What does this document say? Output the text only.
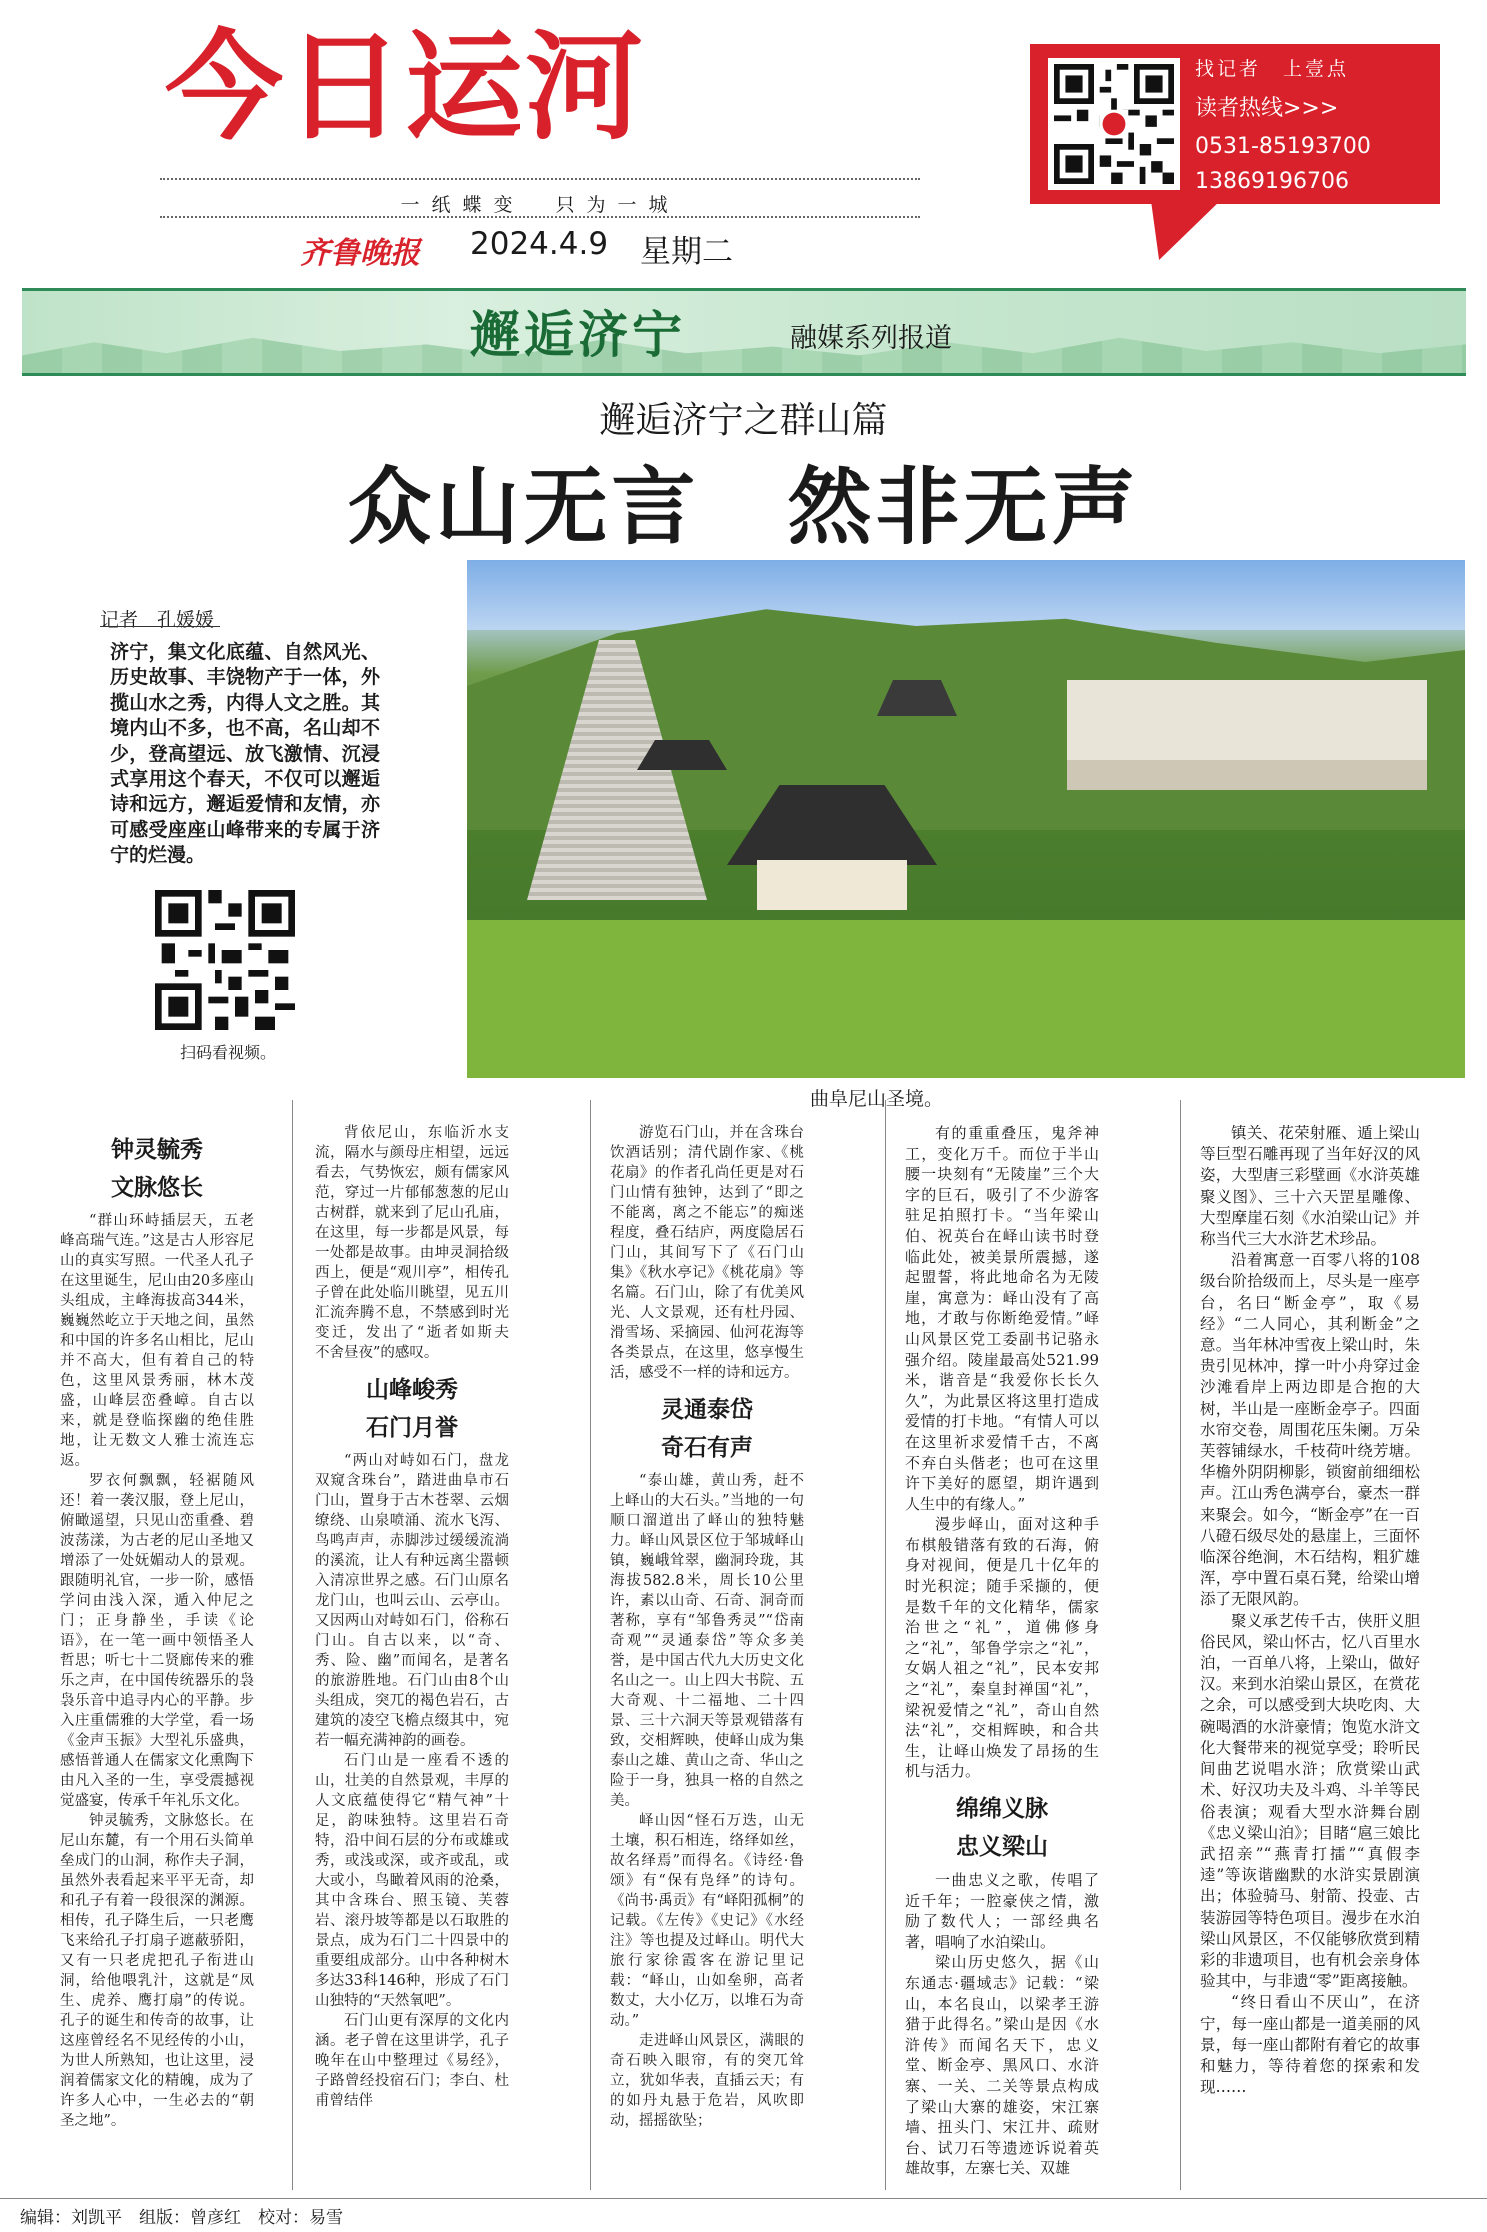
今日运河
一纸蝶变　只为一城
齐鲁晚报 2024.4.9 星期二
找记者　上壹点
读者热线>>>
0531-85193700
13869196706
邂逅济宁	融媒系列报道
邂逅济宁之群山篇
众山无言　然非无声
曲阜尼山圣境。
记者　孔媛媛
济宁，集文化底蕴、自然风光、历史故事、丰饶物产于一体，外揽山水之秀，内得人文之胜。其境内山不多，也不高，名山却不少，登高望远、放飞激情、沉浸式享用这个春天，不仅可以邂逅诗和远方，邂逅爱情和友情，亦可感受座座山峰带来的专属于济宁的烂漫。
扫码看视频。
钟灵毓秀
文脉悠长

“群山环峙插层天，五老峰高瑞气连。”这是古人形容尼山的真实写照。一代圣人孔子在这里诞生，尼山由20多座山头组成，主峰海拔高344米，巍巍然屹立于天地之间，虽然和中国的许多名山相比，尼山并不高大，但有着自己的特色，这里风景秀丽，林木茂盛，山峰层峦叠嶂。自古以来，就是登临探幽的绝佳胜地，让无数文人雅士流连忘返。

罗衣何飘飘，轻裾随风还！着一袭汉服，登上尼山，俯瞰遥望，只见山峦重叠、碧波荡漾，为古老的尼山圣地又增添了一处妩媚动人的景观。跟随明礼官，一步一阶，感悟学问由浅入深，遁入仲尼之门；正身静坐，手读《论语》，在一笔一画中领悟圣人哲思；听七十二贤廊传来的雅乐之声，在中国传统器乐的袅袅乐音中追寻内心的平静。步入庄重儒雅的大学堂，看一场《金声玉振》大型礼乐盛典，感悟普通人在儒家文化熏陶下由凡入圣的一生，享受震撼视觉盛宴，传承千年礼乐文化。

钟灵毓秀，文脉悠长。在尼山东麓，有一个用石头简单垒成门的山洞，称作夫子洞，虽然外表看起来平平无奇，却和孔子有着一段很深的渊源。相传，孔子降生后，一只老鹰飞来给孔子打扇子遮蔽骄阳，又有一只老虎把孔子衔进山洞，给他喂乳汁，这就是“凤生、虎养、鹰打扇”的传说。孔子的诞生和传奇的故事，让这座曾经名不见经传的小山，为世人所熟知，也让这里，浸润着儒家文化的精魄，成为了许多人心中，一生必去的“朝圣之地”。

背依尼山，东临沂水支流，隔水与颜母庄相望，远远看去，气势恢宏，颇有儒家风范，穿过一片郁郁葱葱的尼山古树群，就来到了尼山孔庙，在这里，每一步都是风景，每一处都是故事。由坤灵洞拾级西上，便是“观川亭”，相传孔子曾在此处临川眺望，见五川汇流奔腾不息，不禁感到时光变迁，发出了“逝者如斯夫　不舍昼夜”的感叹。

山峰峻秀
石门月誉

“两山对峙如石门，盘龙双窥含珠台”，踏进曲阜市石门山，置身于古木苍翠、云烟缭绕、山泉喷涌、流水飞泻、鸟鸣声声，赤脚涉过缓缓流淌的溪流，让人有种远离尘嚣顿入清凉世界之感。石门山原名龙门山，也叫云山、云亭山。又因两山对峙如石门，俗称石门山。自古以来，以“奇、秀、险、幽”而闻名，是著名的旅游胜地。石门山由8个山头组成，突兀的褐色岩石，古建筑的凌空飞檐点缀其中，宛若一幅充满神韵的画卷。

石门山是一座看不透的山，壮美的自然景观，丰厚的人文底蕴使得它“精气神”十足，韵味独特。这里岩石奇特，沿中间石层的分布或雄或秀，或浅或深，或齐或乱，或大或小，鸟瞰着风雨的沧桑，其中含珠台、照玉镜、芙蓉岩、滚丹坡等都是以石取胜的景点，成为石门二十四景中的重要组成部分。山中各种树木多达33科146种，形成了石门山独特的“天然氧吧”。

石门山更有深厚的文化内涵。老子曾在这里讲学，孔子晚年在山中整理过《易经》，子路曾经投宿石门；李白、杜甫曾结伴

游览石门山，并在含珠台饮酒话别；清代剧作家、《桃花扇》的作者孔尚任更是对石门山情有独钟，达到了“即之不能离，离之不能忘”的痴迷程度，叠石结庐，两度隐居石门山，其间写下了《石门山集》《秋水亭记》《桃花扇》等名篇。石门山，除了有优美风光、人文景观，还有杜丹园、滑雪场、采摘园、仙河花海等各类景点，在这里，悠享慢生活，感受不一样的诗和远方。

灵通泰岱
奇石有声

“泰山雄，黄山秀，赶不上峄山的大石头。”当地的一句顺口溜道出了峄山的独特魅力。峄山风景区位于邹城峄山镇，巍峨耸翠，幽洞玲珑，其海拔582.8米，周长10公里许，素以山奇、石奇、洞奇而著称，享有“邹鲁秀灵”“岱南奇观”“灵通泰岱”等众多美誉，是中国古代九大历史文化名山之一。山上四大书院、五大奇观、十二福地、二十四景、三十六洞天等景观错落有致，交相辉映，使峄山成为集泰山之雄、黄山之奇、华山之险于一身，独具一格的自然之美。

峄山因“怪石万迭，山无土壤，积石相连，络绎如丝，故名绎焉”而得名。《诗经·鲁颂》有“保有凫绎”的诗句。《尚书·禹贡》有“峄阳孤桐”的记载。《左传》《史记》《水经注》等也提及过峄山。明代大旅行家徐霞客在游记里记载：“峄山，山如垒卵，高者数丈，大小亿万，以堆石为奇动。”

走进峄山风景区，满眼的奇石映入眼帘，有的突兀耸立，犹如华表，直插云天；有的如丹丸悬于危岩，风吹即动，摇摇欲坠；

有的重重叠压，鬼斧神工，变化万千。而位于半山腰一块刻有“无陵崖”三个大字的巨石，吸引了不少游客驻足拍照打卡。“当年梁山伯、祝英台在峄山读书时登临此处，被美景所震撼，遂起盟誓，将此地命名为无陵崖，寓意为：峄山没有了高地，才敢与你断绝爱情。”峄山风景区党工委副书记骆永强介绍。陵崖最高处521.99米，谐音是“我爱你长长久久”，为此景区将这里打造成爱情的打卡地。“有情人可以在这里祈求爱情千古，不离不弃白头偕老；也可在这里许下美好的愿望，期许遇到人生中的有缘人。”

漫步峄山，面对这种手布棋般错落有致的石海，俯身对视间，便是几十亿年的时光积淀；随手采撷的，便是数千年的文化精华，儒家治世之“礼”，道佛修身之“礼”，邹鲁学宗之“礼”，女娲人祖之“礼”，民本安邦之“礼”，秦皇封禅国“礼”，梁祝爱情之“礼”，奇山自然法“礼”，交相辉映，和合共生，让峄山焕发了昂扬的生机与活力。

绵绵义脉
忠义梁山

一曲忠义之歌，传唱了近千年；一腔豪侠之情，激励了数代人；一部经典名著，唱响了水泊梁山。

梁山历史悠久，据《山东通志·疆域志》记载：“梁山，本名良山，以梁孝王游猎于此得名。”梁山是因《水浒传》而闻名天下，忠义堂、断金亭、黑风口、水浒寨、一关、二关等景点构成了梁山大寨的雄姿，宋江寨墙、扭头门、宋江井、疏财台、试刀石等遗迹诉说着英雄故事，左寨七关、双雄

镇关、花荣射雁、遁上梁山等巨型石雕再现了当年好汉的风姿，大型唐三彩壁画《水浒英雄聚义图》、三十六天罡星雕像、大型摩崖石刻《水泊梁山记》并称当代三大水浒艺术珍品。

沿着寓意一百零八将的108级台阶拾级而上，尽头是一座亭台，名曰“断金亭”，取《易经》“二人同心，其利断金”之意。当年林冲雪夜上梁山时，朱贵引见林冲，撑一叶小舟穿过金沙滩看岸上两边即是合抱的大树，半山是一座断金亭子。四面水帘交卷，周围花压朱阑。万朵芙蓉铺绿水，千枝荷叶绕芳塘。华檐外阴阴柳影，锁窗前细细松声。江山秀色满亭台，豪杰一群来聚会。如今，“断金亭”在一百八磴石级尽处的悬崖上，三面怀临深谷绝涧，木石结构，粗犷雄浑，亭中置石桌石凳，给梁山增添了无限风韵。

聚义承艺传千古，侠肝义胆俗民风，梁山怀古，忆八百里水泊，一百单八将，上梁山，做好汉。来到水泊梁山景区，在赏花之余，可以感受到大块吃肉、大碗喝酒的水浒豪情；饱览水浒文化大餐带来的视觉享受；聆听民间曲艺说唱水浒；欣赏梁山武术、好汉功夫及斗鸡、斗羊等民俗表演；观看大型水浒舞台剧《忠义梁山泊》；目睹“扈三娘比武招亲”“燕青打擂”“真假李逵”等诙谐幽默的水浒实景剧演出；体验骑马、射箭、投壶、古装游园等特色项目。漫步在水泊梁山风景区，不仅能够欣赏到精彩的非遗项目，也有机会亲身体验其中，与非遗“零”距离接触。

“终日看山不厌山”，在济宁，每一座山都是一道美丽的风景，每一座山都附有着它的故事和魅力，等待着您的探索和发现……

编辑：刘凯平　组版：曾彦红　校对：易雪
